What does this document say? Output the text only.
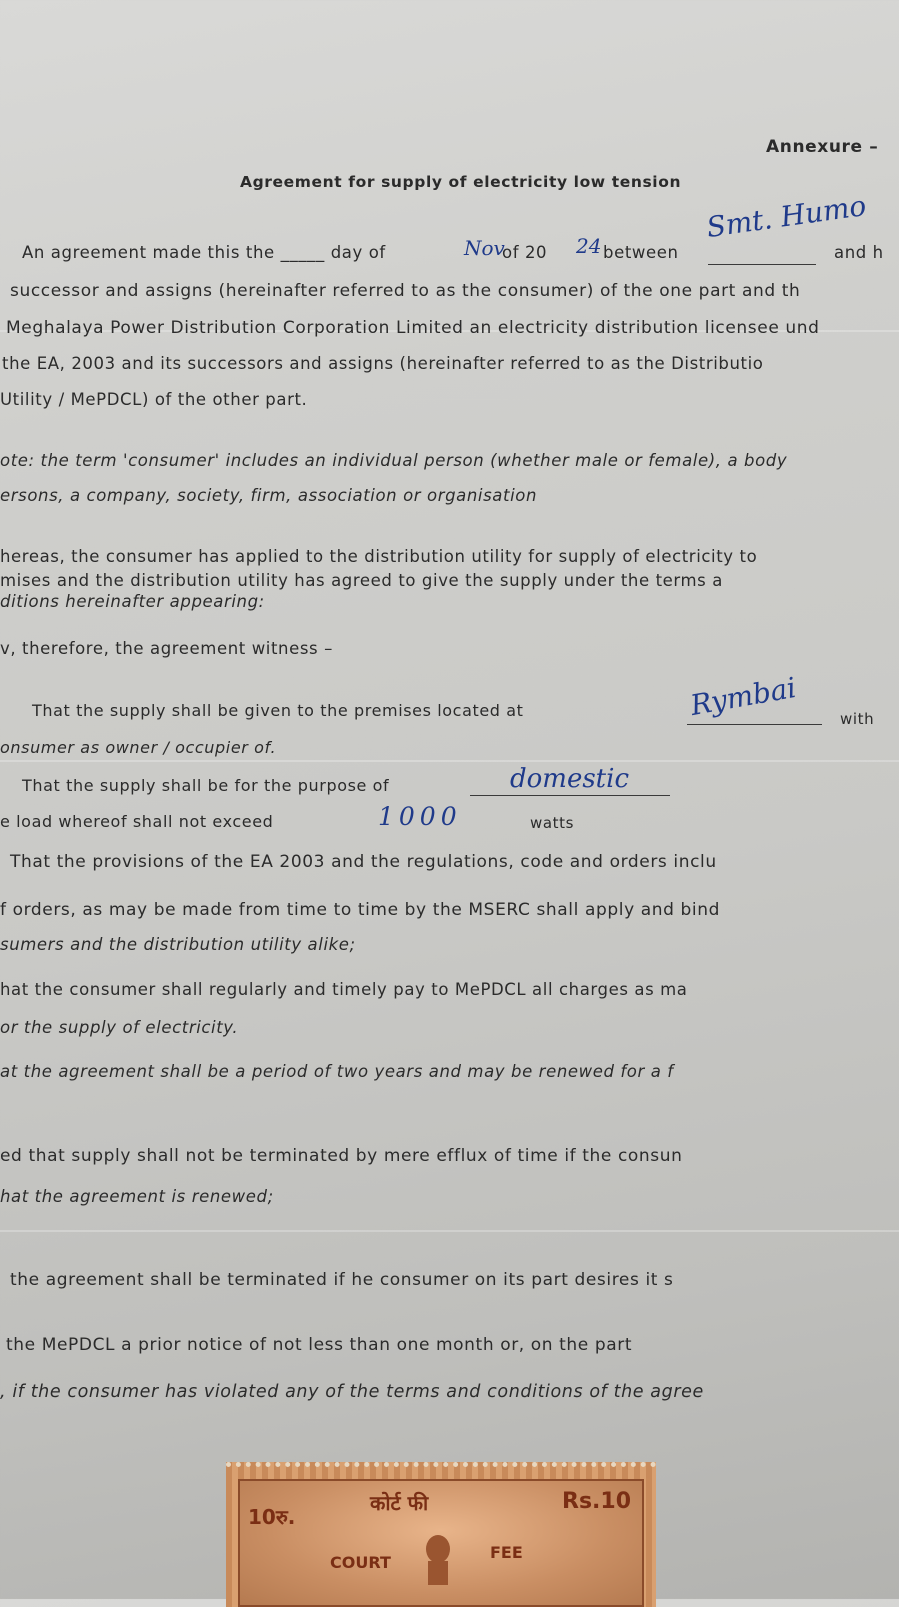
Annexure –
Agreement for supply of electricity low tension
An agreement made this the _____ day of	Nov
of 20 24 between
Smt. Humo
and h
successor and assigns (hereinafter referred to as the consumer) of the one part and th
Meghalaya Power Distribution Corporation Limited an electricity distribution licensee und
the EA, 2003 and its successors and assigns (hereinafter referred to as the Distributio
Utility / MePDCL) of the other part.
ote: the term 'consumer' includes an individual person (whether male or female), a body
ersons, a company, society, firm, association or organisation
hereas, the consumer has applied to the distribution utility for supply of electricity to
mises and the distribution utility has agreed to give the supply under the terms a
ditions hereinafter appearing:
v, therefore, the agreement witness –
That the supply shall be given to the premises located at	Rymbai	with
onsumer as owner / occupier of.
That the supply shall be for the purpose of	domestic
e load whereof shall not exceed	1000	watts
That the provisions of the EA 2003 and the regulations, code and orders inclu
f orders, as may be made from time to time by the MSERC shall apply and bind
sumers and the distribution utility alike;
hat the consumer shall regularly and timely pay to MePDCL all charges as ma
or the supply of electricity.
at the agreement shall be a period of two years and may be renewed for a f
ed that supply shall not be terminated by mere efflux of time if the consun
hat the agreement is renewed;
the agreement shall be terminated if he consumer on its part desires it s
the MePDCL a prior notice of not less than one month or, on the part
, if the consumer has violated any of the terms and conditions of the agree
10रु.
कोर्ट फी	Rs.10
COURT
FEE
